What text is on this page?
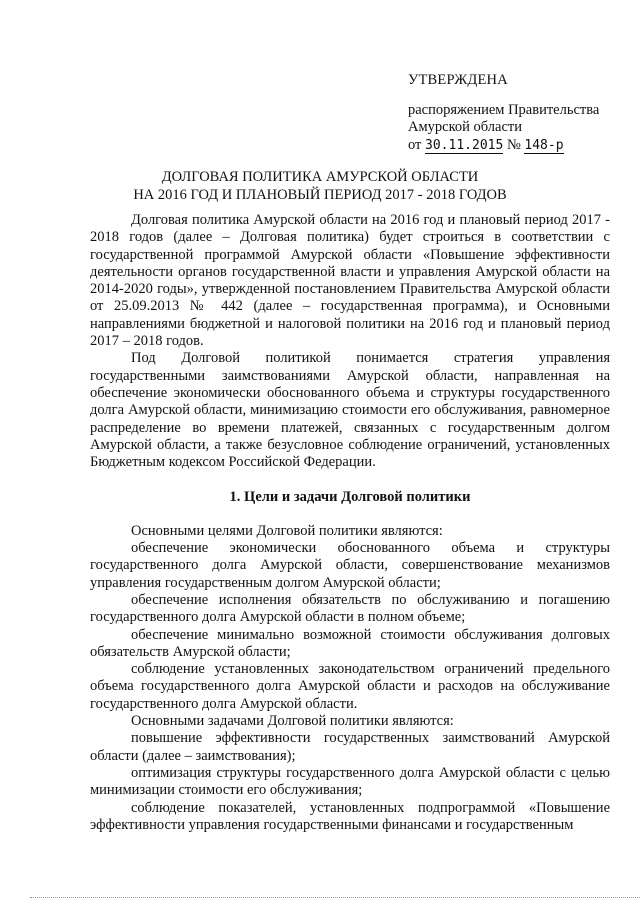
УТВЕРЖДЕНА
распоряжением Правительства
Амурской области
от 30.11.2015 № 148-р
ДОЛГОВАЯ ПОЛИТИКА АМУРСКОЙ ОБЛАСТИ
НА 2016 ГОД И ПЛАНОВЫЙ ПЕРИОД 2017 - 2018 ГОДОВ

Долговая политика Амурской области на 2016 год и плановый период 2017 - 2018 годов (далее – Долговая политика) будет строиться в соответствии с государственной программой Амурской области «Повышение эффективности деятельности органов государственной власти и управления Амурской области на 2014-2020 годы», утвержденной постановлением Правительства Амурской области от 25.09.2013 № 442 (далее – государственная программа), и Основными направлениями бюджетной и налоговой политики на 2016 год и плановый период 2017 – 2018 годов.

Под Долговой политикой понимается стратегия управления государственными заимствованиями Амурской области, направленная на обеспечение экономически обоснованного объема и структуры государственного долга Амурской области, минимизацию стоимости его обслуживания, равномерное распределение во времени платежей, связанных с государственным долгом Амурской области, а также безусловное соблюдение ограничений, установленных Бюджетным кодексом Российской Федерации.

1. Цели и задачи Долговой политики

Основными целями Долговой политики являются:

обеспечение экономически обоснованного объема и структуры государственного долга Амурской области, совершенствование механизмов управления государственным долгом Амурской области;

обеспечение исполнения обязательств по обслуживанию и погашению государственного долга Амурской области в полном объеме;

обеспечение минимально возможной стоимости обслуживания долговых обязательств Амурской области;

соблюдение установленных законодательством ограничений предельного объема государственного долга Амурской области и расходов на обслуживание государственного долга Амурской области.

Основными задачами Долговой политики являются:

повышение эффективности государственных заимствований Амурской области (далее – заимствования);

оптимизация структуры государственного долга Амурской области с целью минимизации стоимости его обслуживания;

соблюдение показателей, установленных подпрограммой «Повышение эффективности управления государственными финансами и государственным
